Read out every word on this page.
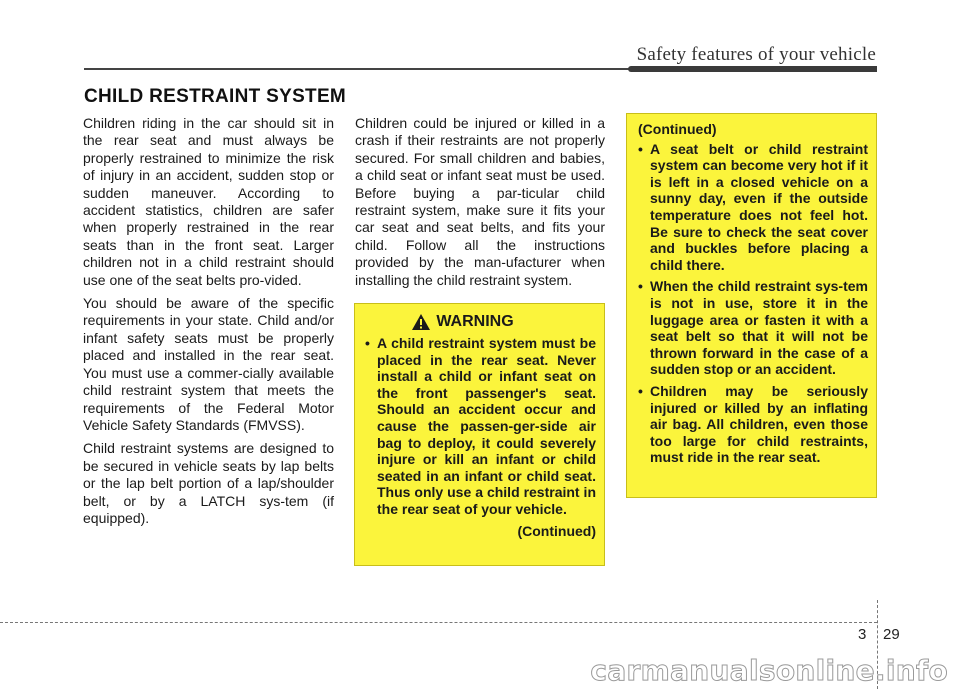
Safety features of your vehicle
CHILD RESTRAINT SYSTEM

Children riding in the car should sit in the rear seat and must always be properly restrained to minimize the risk of injury in an accident, sudden stop or sudden maneuver. According to accident statistics, children are safer when properly restrained in the rear seats than in the front seat. Larger children not in a child restraint should use one of the seat belts pro-vided.

You should be aware of the specific requirements in your state. Child and/or infant safety seats must be properly placed and installed in the rear seat. You must use a commer-cially available child restraint system that meets the requirements of the Federal Motor Vehicle Safety Standards (FMVSS).

Child restraint systems are designed to be secured in vehicle seats by lap belts or the lap belt portion of a lap/shoulder belt, or by a LATCH sys-tem (if equipped).

Children could be injured or killed in a crash if their restraints are not properly secured. For small children and babies, a child seat or infant seat must be used. Before buying a par-ticular child restraint system, make sure it fits your car seat and seat belts, and fits your child. Follow all the instructions provided by the man-ufacturer when installing the child restraint system.

WARNING
• A child restraint system must be placed in the rear seat. Never install a child or infant seat on the front passenger's seat. Should an accident occur and cause the passen-ger-side air bag to deploy, it could severely injure or kill an infant or child seated in an infant or child seat. Thus only use a child restraint in the rear seat of your vehicle.
(Continued)
(Continued)
• A seat belt or child restraint system can become very hot if it is left in a closed vehicle on a sunny day, even if the outside temperature does not feel hot. Be sure to check the seat cover and buckles before placing a child there.
• When the child restraint sys-tem is not in use, store it in the luggage area or fasten it with a seat belt so that it will not be thrown forward in the case of a sudden stop or an accident.
• Children may be seriously injured or killed by an inflating air bag. All children, even those too large for child restraints, must ride in the rear seat.
3 29
carmanualsonline.info
